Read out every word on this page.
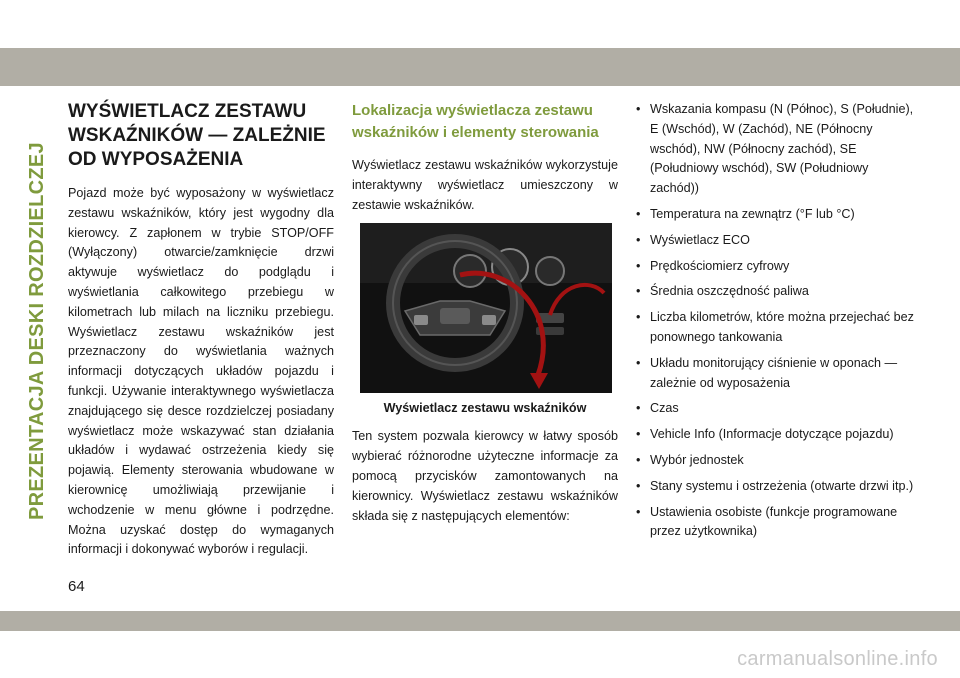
PREZENTACJA DESKI ROZDZIELCZEJ
WYŚWIETLACZ ZESTAWU
WSKAŹNIKÓW — ZALEŻNIE
OD WYPOSAŻENIA

Pojazd może być wyposażony w wyświetlacz zestawu wskaźników, który jest wygodny dla kierowcy. Z zapłonem w trybie STOP/OFF (Wyłączony) otwarcie/zamknięcie drzwi aktywuje wyświetlacz do podglądu i wyświetlania całkowitego przebiegu w kilometrach lub milach na liczniku przebiegu. Wyświetlacz zestawu wskaźników jest przeznaczony do wyświetlania ważnych informacji dotyczących układów pojazdu i funkcji. Używanie interaktywnego wyświetlacza znajdującego się desce rozdzielczej posiadany wyświetlacz może wskazywać stan działania układów i wydawać ostrzeżenia kiedy się pojawią. Elementy sterowania wbudowane w kierownicę umożliwiają przewijanie i wchodzenie w menu główne i podrzędne. Można uzyskać dostęp do wymaganych informacji i dokonywać wyborów i regulacji.

Lokalizacja wyświetlacza zestawu
wskaźników i elementy sterowania

Wyświetlacz zestawu wskaźników wykorzystuje interaktywny wyświetlacz umieszczony w zestawie wskaźników.

Wyświetlacz zestawu wskaźników

Ten system pozwala kierowcy w łatwy sposób wybierać różnorodne użyteczne informacje za pomocą przycisków zamontowanych na kierownicy. Wyświetlacz zestawu wskaźników składa się z następujących elementów:

• Wskazania kompasu (N (Północ), S (Południe), E (Wschód), W (Zachód), NE (Północny wschód), NW (Północny zachód), SE (Południowy wschód), SW (Południowy zachód))
• Temperatura na zewnątrz (°F lub °C)
• Wyświetlacz ECO
• Prędkościomierz cyfrowy
• Średnia oszczędność paliwa
• Liczba kilometrów, które można przejechać bez ponownego tankowania
• Układu monitorujący ciśnienie w oponach — zależnie od wyposażenia
• Czas
• Vehicle Info (Informacje dotyczące pojazdu)
• Wybór jednostek
• Stany systemu i ostrzeżenia (otwarte drzwi itp.)
• Ustawienia osobiste (funkcje programowane przez użytkownika)
64
carmanualsonline.info
